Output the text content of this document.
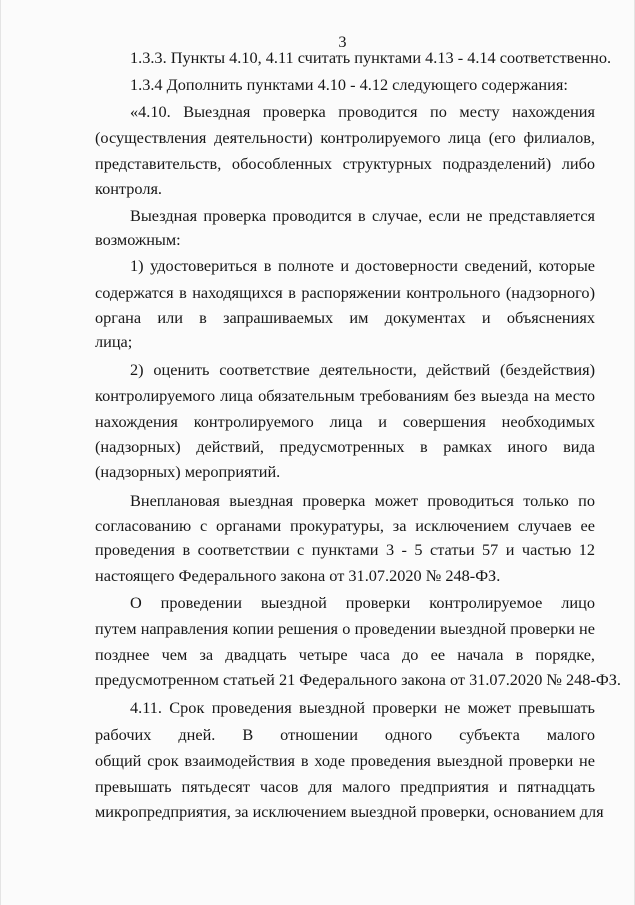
3
1.3.3. Пункты 4.10, 4.11 считать пунктами 4.13 - 4.14 соответственно.
1.3.4 Дополнить пунктами 4.10 - 4.12 следующего содержания:
«4.10. Выездная проверка проводится по месту нахождения
(осуществления деятельности) контролируемого лица (его филиалов,
представительств, обособленных структурных подразделений) либо
контроля.
Выездная проверка проводится в случае, если не представляется
возможным:
1) удостовериться в полноте и достоверности сведений, которые
содержатся в находящихся в распоряжении контрольного (надзорного)
органа или в запрашиваемых им документах и объяснениях
лица;
2) оценить соответствие деятельности, действий (бездействия)
контролируемого лица обязательным требованиям без выезда на место
нахождения контролируемого лица и совершения необходимых
(надзорных) действий, предусмотренных в рамках иного вида
(надзорных) мероприятий.
Внеплановая выездная проверка может проводиться только по
согласованию с органами прокуратуры, за исключением случаев ее
проведения в соответствии с пунктами 3 - 5 статьи 57 и частью 12
настоящего Федерального закона от 31.07.2020 № 248-ФЗ.
О проведении выездной проверки контролируемое лицо
путем направления копии решения о проведении выездной проверки не
позднее чем за двадцать четыре часа до ее начала в порядке,
предусмотренном статьей 21 Федерального закона от 31.07.2020 № 248-ФЗ.
4.11. Срок проведения выездной проверки не может превышать
рабочих дней. В отношении одного субъекта малого
общий срок взаимодействия в ходе проведения выездной проверки не
превышать пятьдесят часов для малого предприятия и пятнадцать
микропредприятия, за исключением выездной проверки, основанием для
